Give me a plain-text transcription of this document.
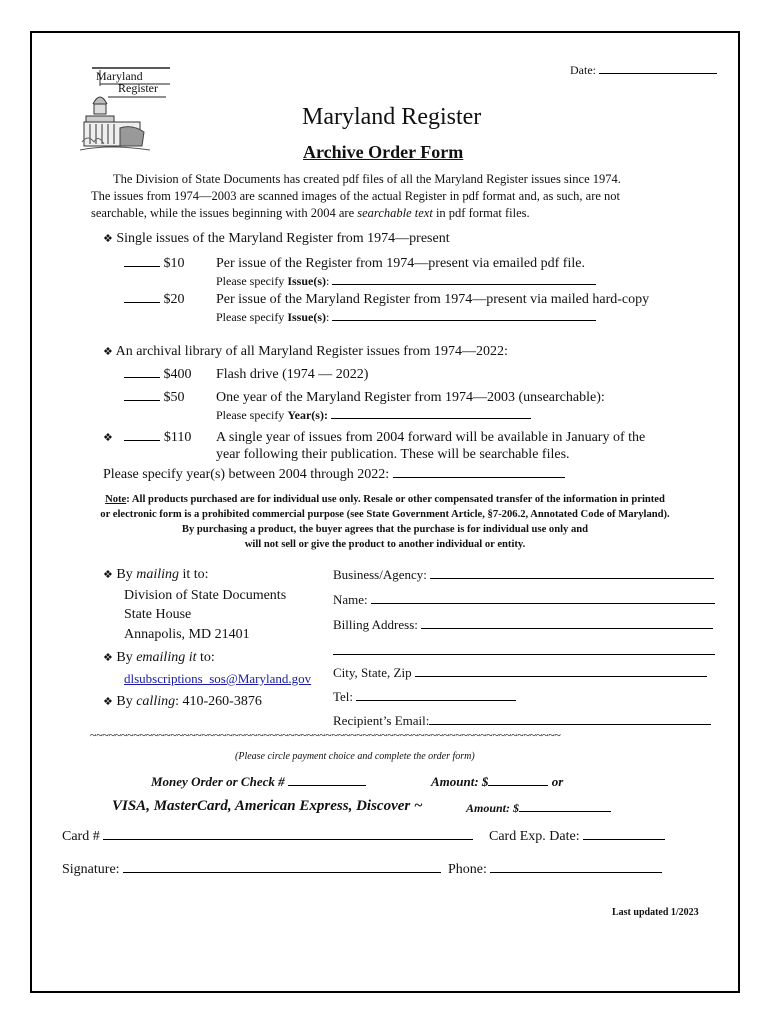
Date:
Maryland
Register
Maryland Register
Archive Order Form
The Division of State Documents has created pdf files of all the Maryland Register issues since 1974.
The issues from 1974—2003 are scanned images of the actual Register in pdf format and, as such, are not
searchable, while the issues beginning with 2004 are searchable text in pdf format files.
❖ Single issues of the Maryland Register from 1974—present
$10 Per issue of the Register from 1974—present via emailed pdf file.
Please specify Issue(s):
$20 Per issue of the Maryland Register from 1974—present via mailed hard-copy
Please specify Issue(s):
❖ An archival library of all Maryland Register issues from 1974—2022:
$400 Flash drive (1974 — 2022)
$50 One year of the Maryland Register from 1974—2003 (unsearchable):
Please specify Year(s):
❖	$110 A single year of issues from 2004 forward will be available in January of the
year following their publication. These will be searchable files.
Please specify year(s) between 2004 through 2022:
Note: All products purchased are for individual use only. Resale or other compensated transfer of the information in printed
or electronic form is a prohibited commercial purpose (see State Government Article, §7-206.2, Annotated Code of Maryland).
By purchasing a product, the buyer agrees that the purchase is for individual use only and
will not sell or give the product to another individual or entity.
❖ By mailing it to:
Division of State Documents
State House
Annapolis, MD 21401
❖ By emailing it to:
dlsubscriptions_sos@Maryland.gov
❖ By calling: 410-260-3876
Business/Agency:
Name:
Billing Address:
City, State, Zip
Tel:
Recipient’s Email:
~~~~~~~~~~~~~~~~~~~~~~~~~~~~~~~~~~~~~~~~~~~~~~~~~~~~~~~~~~~~~~~~~~~~~~~~~~~~
(Please circle payment choice and complete the order form)
Money Order or Check #	Amount: $	or
VISA, MasterCard, American Express, Discover ~	Amount: $
Card #	Card Exp. Date:
Signature:	Phone:
Last updated 1/2023
